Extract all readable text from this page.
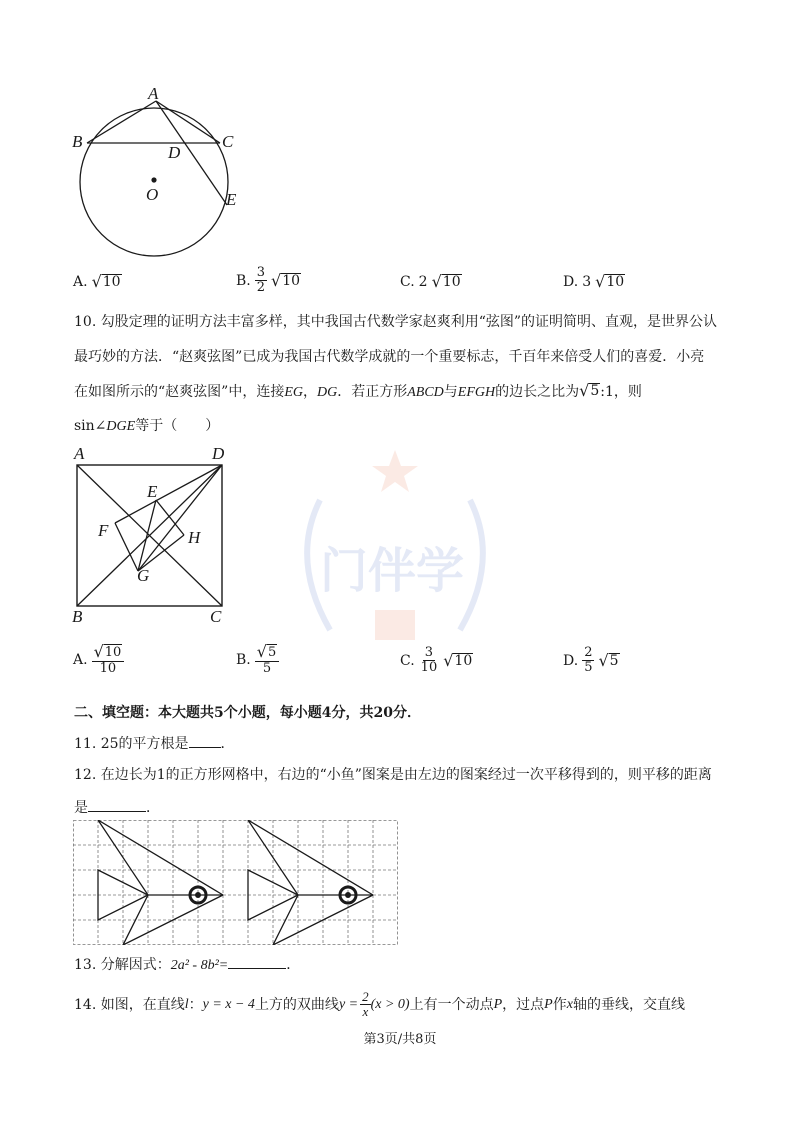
门伴学
A
B	C
D
O	E
A. √ 10	B. $\frac{3}{2}$ √ 10	C. 2 √ 10	D. 3 √ 10
10. 勾股定理的证明方法丰富多样，其中我国古代数学家赵爽利用“弦图”的证明简明、直观，是世界公认
最巧妙的方法．“赵爽弦图”已成为我国古代数学成就的一个重要标志，千百年来倍受人们的喜爱．小亮
在如图所示的“赵爽弦图”中，连接EG，DG．若正方形ABCD与EFGH的边长之比为 √ 5 :1，则
sin∠DGE等于（　　）
A	D
E
F	H
G
B	C
A. $\frac{√ 10}{10}$	B. $\frac{√ 5}{5}$	C. $\frac{3}{10}$ √ 10	D. $\frac{2}{5}$ √ 5
二、填空题：本大题共5个小题，每小题4分，共20分．
11. 25的平方根是 ．
12. 在边长为1的正方形网格中，右边的“小鱼”图案是由左边的图案经过一次平移得到的，则平移的距离
是	．
13. 分解因式：2a² - 8b²=	．
14. 如图，在直线 l ： y = x − 4 上方的双曲线 $y = \frac{2}{x} (x > 0)$ 上有一个动点 P ，过点 P 作 x 轴的垂线，交直线
第3页/共8页
